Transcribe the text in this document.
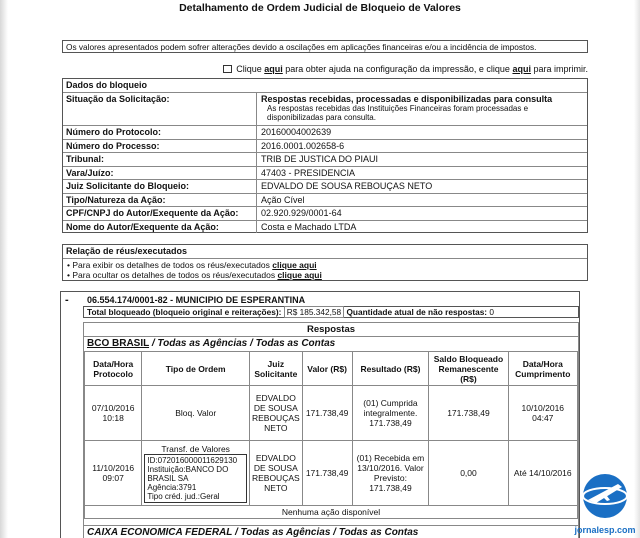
Detalhamento de Ordem Judicial de Bloqueio de Valores
Os valores apresentados podem sofrer alterações devido a oscilações em aplicações financeiras e/ou a incidência de impostos.
Clique aqui para obter ajuda na configuração da impressão, e clique aqui para imprimir.
Dados do bloqueio
Situação da Solicitação:	Respostas recebidas, processadas e disponibilizadas para consulta
As respostas recebidas das Instituições Financeiras foram processadas e disponibilizadas para consulta.
Número do Protocolo:	20160004002639
Número do Processo:	2016.0001.002658-6
Tribunal:	TRIB DE JUSTICA DO PIAUI
Vara/Juízo:	47403 - PRESIDENCIA
Juiz Solicitante do Bloqueio:	EDVALDO DE SOUSA REBOUÇAS NETO
Tipo/Natureza da Ação:	Ação Cível
CPF/CNPJ do Autor/Exequente da Ação:	02.920.929/0001-64
Nome do Autor/Exequente da Ação:	Costa e Machado LTDA
Relação de réus/executados
• Para exibir os detalhes de todos os réus/executados clique aqui
• Para ocultar os detalhes de todos os réus/executados clique aqui
- 06.554.174/0001-82 - MUNICIPIO DE ESPERANTINA
Total bloqueado (bloqueio original e reiterações): R$ 185.342,58 Quantidade atual de não respostas: 0
Respostas
BCO BRASIL / Todas as Agências / Todas as Contas
Data/Hora Protocolo	Tipo de Ordem	Juiz Solicitante	Valor (R$)	Resultado (R$)	Saldo Bloqueado Remanescente (R$)	Data/Hora Cumprimento
07/10/2016 10:18	Bloq. Valor	EDVALDO DE SOUSA REBOUÇAS NETO	171.738,49	(01) Cumprida integralmente. 171.738,49	171.738,49	10/10/2016 04:47
11/10/2016 09:07	Transf. de Valores
ID:072016000011629130
Instituição:BANCO DO BRASIL SA
Agência:3791
Tipo créd. jud.:Geral	EDVALDO DE SOUSA REBOUÇAS NETO	171.738,49	(01) Recebida em 13/10/2016. Valor Previsto: 171.738,49	0,00	Até 14/10/2016
Nenhuma ação disponível						
CAIXA ECONOMICA FEDERAL / Todas as Agências / Todas as Contas	jornalesp.com
